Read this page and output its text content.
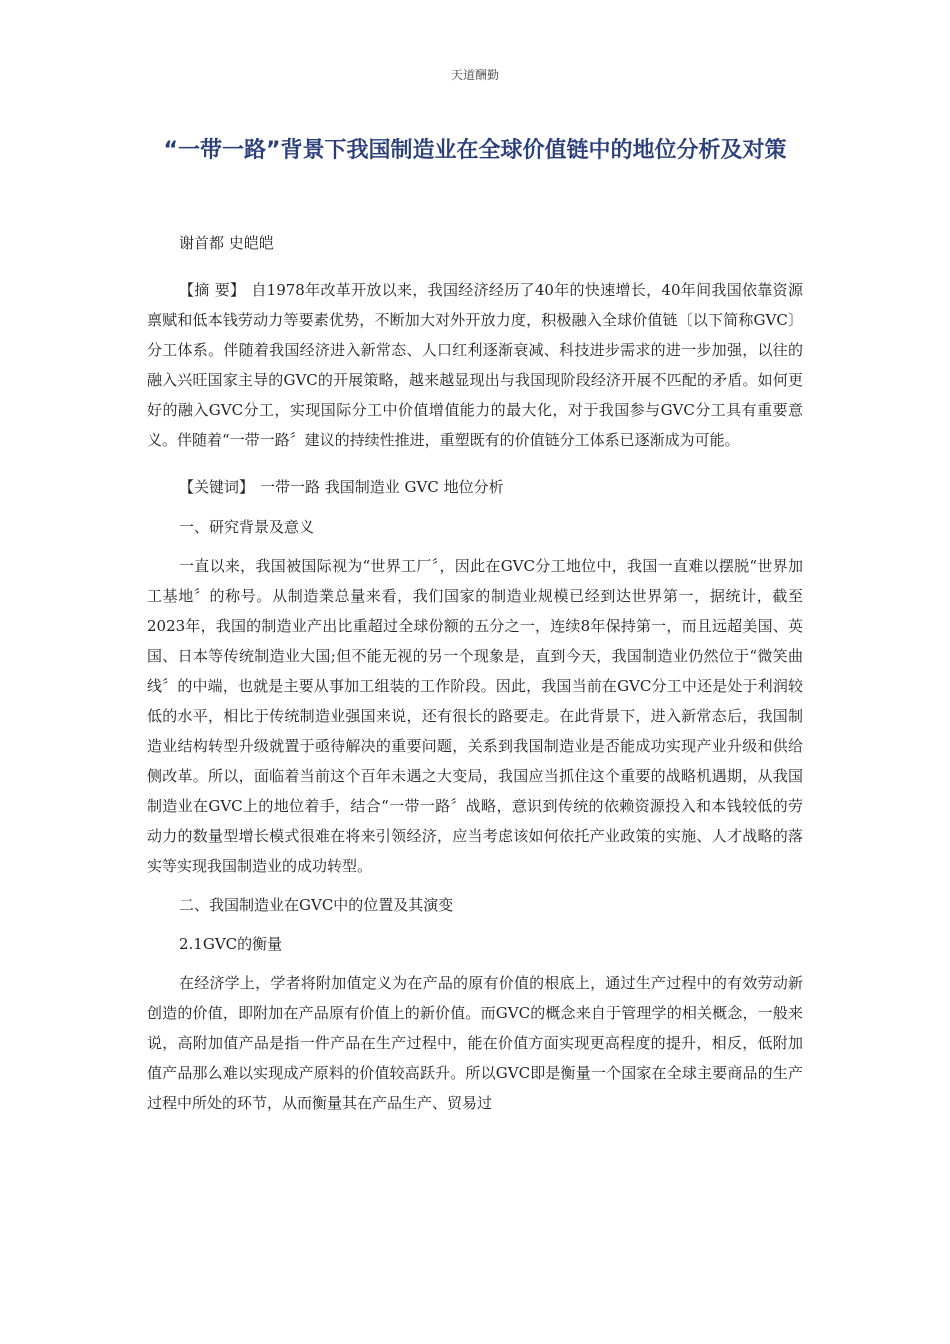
天道酬勤
“一带一路”背景下我国制造业在全球价值链中的地位分析及对策

谢首都 史皑皑

【摘 要】 自1978年改革开放以来，我国经济经历了40年的快速增长，40年间我国依靠资源禀赋和低本钱劳动力等要素优势，不断加大对外开放力度，积极融入全球价值链〔以下简称GVC〕分工体系。伴随着我国经济进入新常态、人口红利逐渐衰减、科技进步需求的进一步加强，以往的融入兴旺国家主导的GVC的开展策略，越来越显现出与我国现阶段经济开展不匹配的矛盾。如何更好的融入GVC分工，实现国际分工中价值增值能力的最大化，对于我国参与GVC分工具有重要意义。伴随着“一带一路〞建议的持续性推进，重塑既有的价值链分工体系已逐渐成为可能。

【关键词】 一带一路 我国制造业 GVC 地位分析

一、研究背景及意义

一直以来，我国被国际视为“世界工厂〞，因此在GVC分工地位中，我国一直难以摆脱“世界加工基地〞的称号。从制造業总量来看，我们国家的制造业规模已经到达世界第一，据统计，截至2023年，我国的制造业产出比重超过全球份额的五分之一，连续8年保持第一，而且远超美国、英国、日本等传统制造业大国;但不能无视的另一个现象是，直到今天，我国制造业仍然位于“微笑曲线〞的中端，也就是主要从事加工组装的工作阶段。因此，我国当前在GVC分工中还是处于利润较低的水平，相比于传统制造业强国来说，还有很长的路要走。在此背景下，进入新常态后，我国制造业结构转型升级就置于亟待解决的重要问题，关系到我国制造业是否能成功实现产业升级和供给侧改革。所以，面临着当前这个百年未遇之大变局，我国应当抓住这个重要的战略机遇期，从我国制造业在GVC上的地位着手，结合“一带一路〞战略，意识到传统的依赖资源投入和本钱较低的劳动力的数量型增长模式很难在将来引领经济，应当考虑该如何依托产业政策的实施、人才战略的落实等实现我国制造业的成功转型。

二、我国制造业在GVC中的位置及其演变

2.1GVC的衡量

在经济学上，学者将附加值定义为在产品的原有价值的根底上，通过生产过程中的有效劳动新创造的价值，即附加在产品原有价值上的新价值。而GVC的概念来自于管理学的相关概念，一般来说，高附加值产品是指一件产品在生产过程中，能在价值方面实现更高程度的提升，相反，低附加值产品那么难以实现成产原料的价值较高跃升。所以GVC即是衡量一个国家在全球主要商品的生产过程中所处的环节，从而衡量其在产品生产、贸易过
